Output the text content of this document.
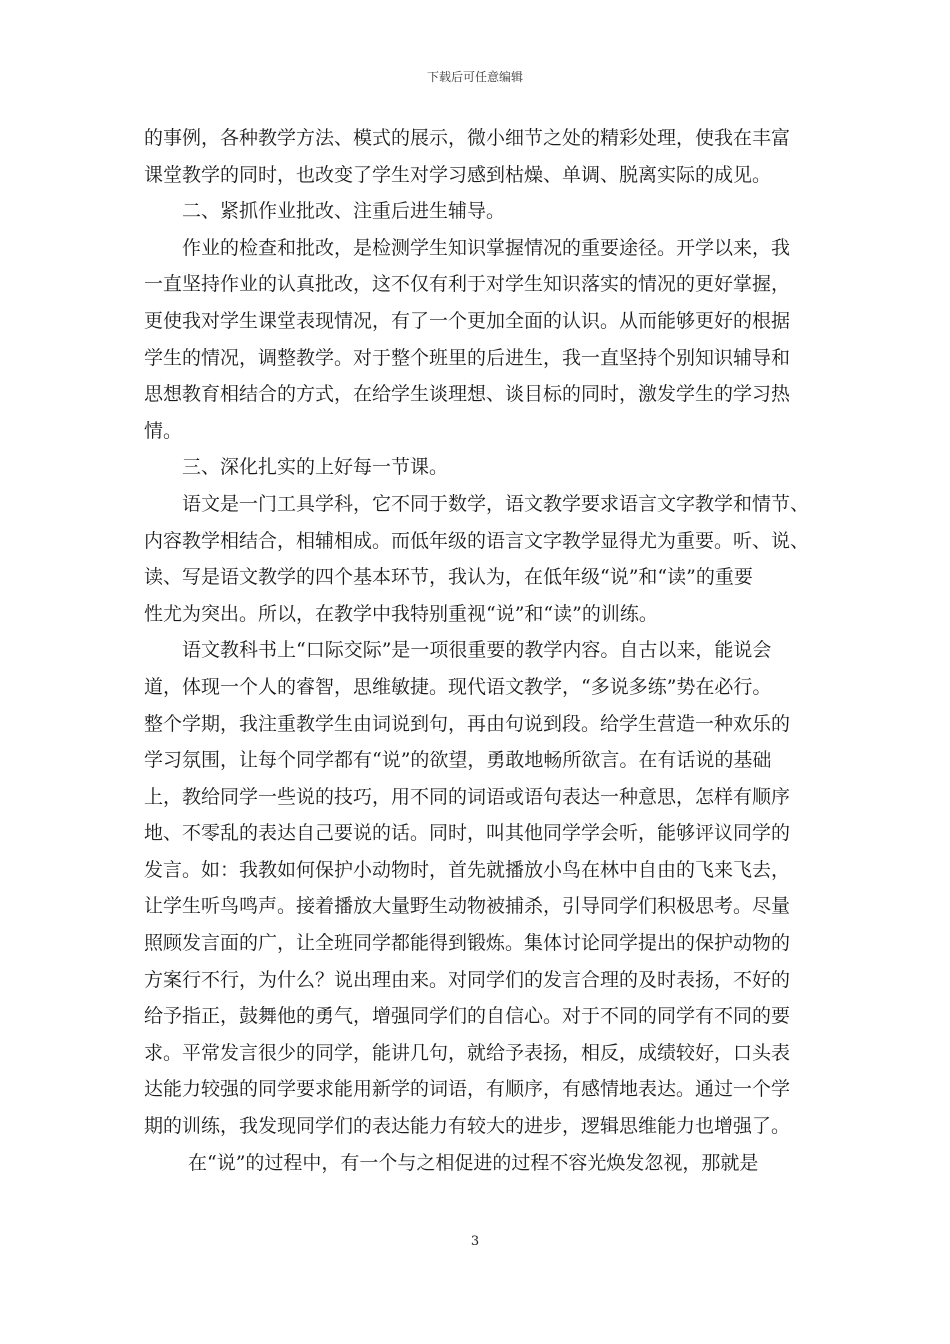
下载后可任意编辑
的事例，各种教学方法、模式的展示，微小细节之处的精彩处理，使我在丰富
课堂教学的同时，也改变了学生对学习感到枯燥、单调、脱离实际的成见。
二、紧抓作业批改、注重后进生辅导。
作业的检查和批改，是检测学生知识掌握情况的重要途径。开学以来，我
一直坚持作业的认真批改，这不仅有利于对学生知识落实的情况的更好掌握，
更使我对学生课堂表现情况，有了一个更加全面的认识。从而能够更好的根据
学生的情况，调整教学。对于整个班里的后进生，我一直坚持个别知识辅导和
思想教育相结合的方式，在给学生谈理想、谈目标的同时，激发学生的学习热
情。
三、深化扎实的上好每一节课。
语文是一门工具学科，它不同于数学，语文教学要求语言文字教学和情节、
内容教学相结合，相辅相成。而低年级的语言文字教学显得尤为重要。听、说、
读、写是语文教学的四个基本环节，我认为，在低年级“说”和“读”的重要
性尤为突出。所以，在教学中我特别重视“说”和“读”的训练。
语文教科书上“口际交际”是一项很重要的教学内容。自古以来，能说会
道，体现一个人的睿智，思维敏捷。现代语文教学，“多说多练”势在必行。
整个学期，我注重教学生由词说到句，再由句说到段。给学生营造一种欢乐的
学习氛围，让每个同学都有“说”的欲望，勇敢地畅所欲言。在有话说的基础
上，教给同学一些说的技巧，用不同的词语或语句表达一种意思，怎样有顺序
地、不零乱的表达自己要说的话。同时，叫其他同学学会听，能够评议同学的
发言。如：我教如何保护小动物时，首先就播放小鸟在林中自由的飞来飞去，
让学生听鸟鸣声。接着播放大量野生动物被捕杀，引导同学们积极思考。尽量
照顾发言面的广，让全班同学都能得到锻炼。集体讨论同学提出的保护动物的
方案行不行，为什么？说出理由来。对同学们的发言合理的及时表扬，不好的
给予指正，鼓舞他的勇气，增强同学们的自信心。对于不同的同学有不同的要
求。平常发言很少的同学，能讲几句，就给予表扬，相反，成绩较好，口头表
达能力较强的同学要求能用新学的词语，有顺序，有感情地表达。通过一个学
期的训练，我发现同学们的表达能力有较大的进步，逻辑思维能力也增强了。
在“说”的过程中，有一个与之相促进的过程不容光焕发忽视，那就是
3
